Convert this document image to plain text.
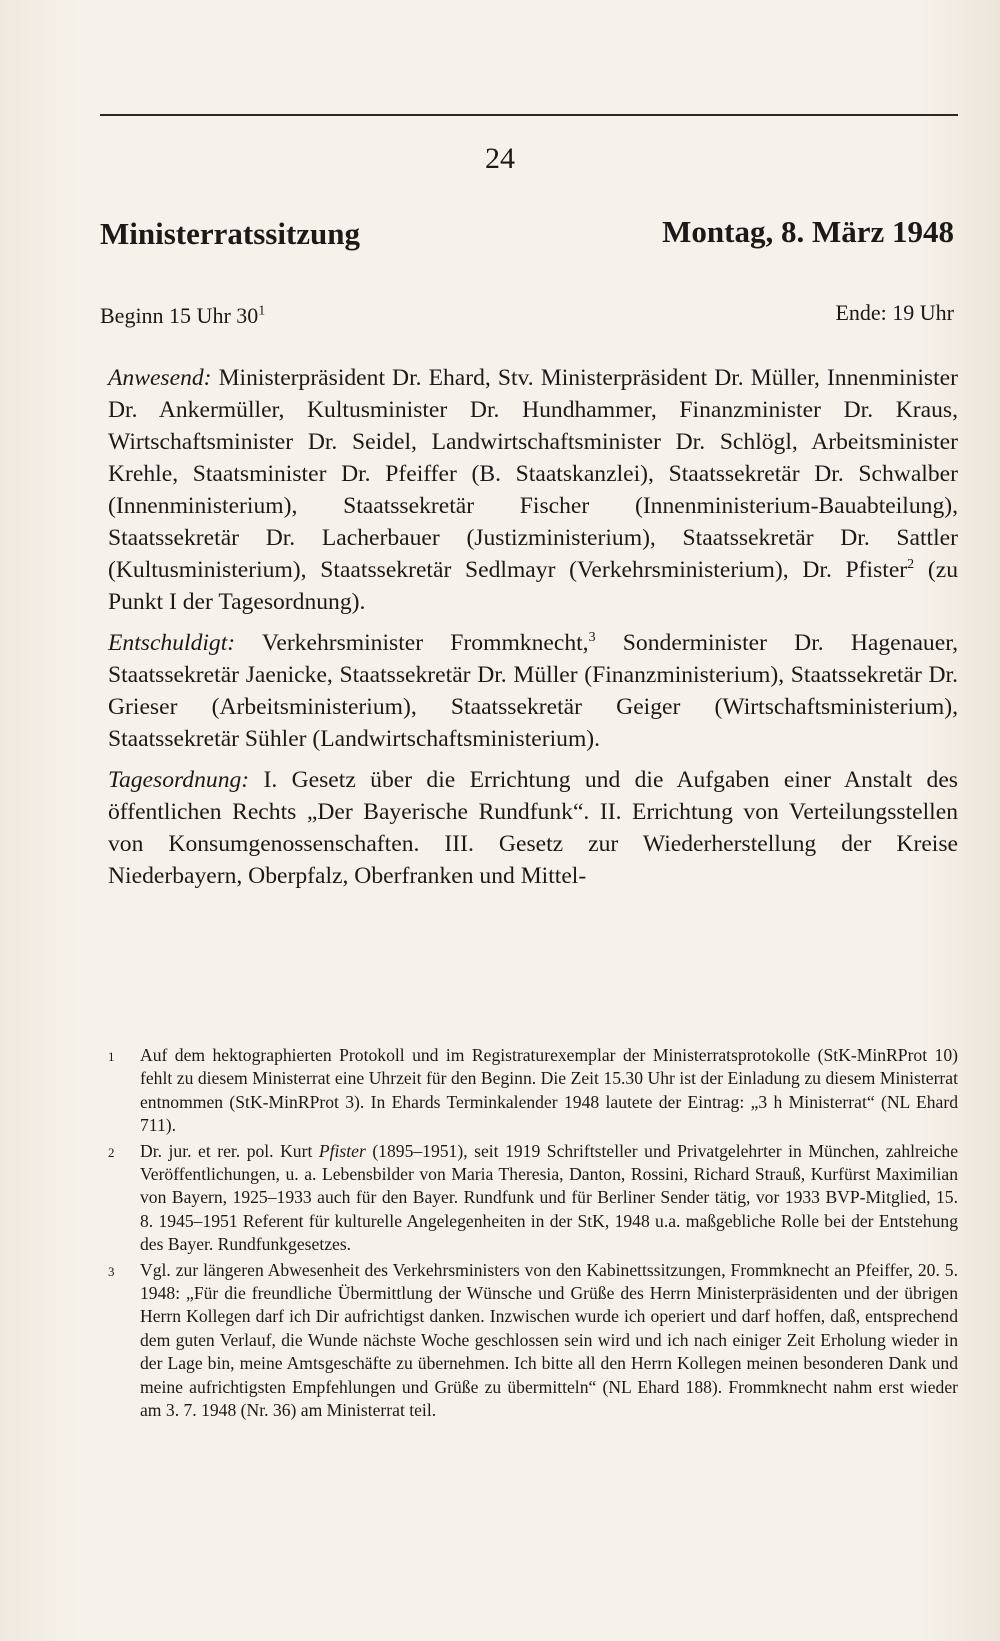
24
Ministerratssitzung	Montag, 8. März 1948
Beginn 15 Uhr $30^1$	Ende: 19 Uhr

Anwesend: Ministerpräsident Dr. Ehard, Stv. Ministerpräsident Dr. Müller, Innenminister Dr. Ankermüller, Kultusminister Dr. Hundhammer, Finanzminister Dr. Kraus, Wirtschaftsminister Dr. Seidel, Landwirtschaftsminister Dr. Schlögl, Arbeitsminister Krehle, Staatsminister Dr. Pfeiffer (B. Staatskanzlei), Staatssekretär Dr. Schwalber (Innenministerium), Staatssekretär Fischer (Innenministerium-Bauabteilung), Staatssekretär Dr. Lacherbauer (Justizministerium), Staatssekretär Dr. Sattler (Kultusministerium), Staatssekretär Sedlmayr (Verkehrsministerium), Dr. Pfister$^2$ (zu Punkt I der Tagesordnung).

Entschuldigt: Verkehrsminister Frommknecht,$^3$ Sonderminister Dr. Hagenauer, Staatssekretär Jaenicke, Staatssekretär Dr. Müller (Finanzministerium), Staatssekretär Dr. Grieser (Arbeitsministerium), Staatssekretär Geiger (Wirtschaftsministerium), Staatssekretär Sühler (Landwirtschaftsministerium).

Tagesordnung: I. Gesetz über die Errichtung und die Aufgaben einer Anstalt des öffentlichen Rechts „Der Bayerische Rundfunk“. II. Errichtung von Verteilungsstellen von Konsumgenossenschaften. III. Gesetz zur Wiederherstellung der Kreise Niederbayern, Oberpfalz, Oberfranken und Mittel-

1 Auf dem hektographierten Protokoll und im Registraturexemplar der Ministerratsprotokolle (StK-MinRProt 10) fehlt zu diesem Ministerrat eine Uhrzeit für den Beginn. Die Zeit 15.30 Uhr ist der Einladung zu diesem Ministerrat entnommen (StK-MinRProt 3). In Ehards Terminkalender 1948 lautete der Eintrag: „3 h Ministerrat“ (NL Ehard 711).
2 Dr. jur. et rer. pol. Kurt Pfister (1895–1951), seit 1919 Schriftsteller und Privatgelehrter in München, zahlreiche Veröffentlichungen, u. a. Lebensbilder von Maria Theresia, Danton, Rossini, Richard Strauß, Kurfürst Maximilian von Bayern, 1925–1933 auch für den Bayer. Rundfunk und für Berliner Sender tätig, vor 1933 BVP-Mitglied, 15. 8. 1945–1951 Referent für kulturelle Angelegenheiten in der StK, 1948 u.a. maßgebliche Rolle bei der Entstehung des Bayer. Rundfunkgesetzes.
3 Vgl. zur längeren Abwesenheit des Verkehrsministers von den Kabinettssitzungen, Frommknecht an Pfeiffer, 20. 5. 1948: „Für die freundliche Übermittlung der Wünsche und Grüße des Herrn Ministerpräsidenten und der übrigen Herrn Kollegen darf ich Dir aufrichtigst danken. Inzwischen wurde ich operiert und darf hoffen, daß, entsprechend dem guten Verlauf, die Wunde nächste Woche geschlossen sein wird und ich nach einiger Zeit Erholung wieder in der Lage bin, meine Amtsgeschäfte zu übernehmen. Ich bitte all den Herrn Kollegen meinen besonderen Dank und meine aufrichtigsten Empfehlungen und Grüße zu übermitteln“ (NL Ehard 188). Frommknecht nahm erst wieder am 3. 7. 1948 (Nr. 36) am Ministerrat teil.
